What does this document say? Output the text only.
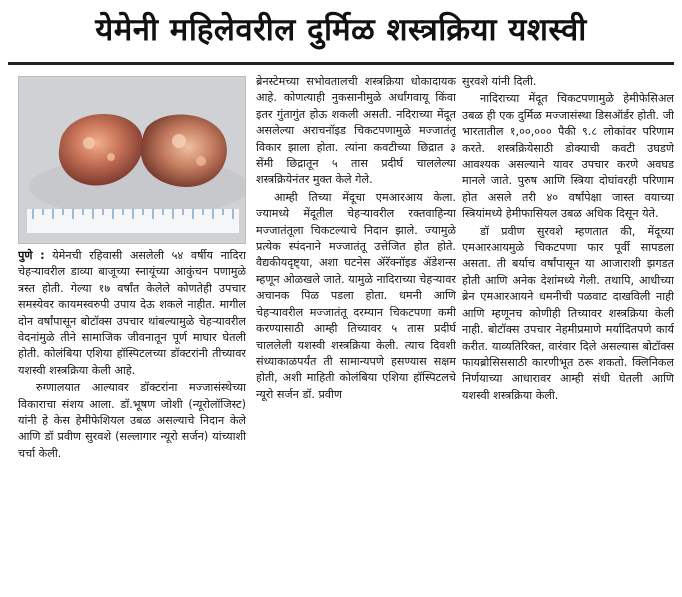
येमेनी महिलेवरील दुर्मिळ शस्त्रक्रिया यशस्वी

पुणे : येमेनची रहिवासी असलेली ५४ वर्षीय नादिरा चेहऱ्यावरील डाव्या बाजूच्या स्नायूंच्या आकुंचन पणामुळे त्रस्त होती. गेल्या १७ वर्षांत केलेले कोणतेही उपचार समस्येवर कायमस्वरुपी उपाय देऊ शकले नाहीत. मागील दोन वर्षांपासून बोटॉक्स उपचार थांबल्यामुळे चेहऱ्यावरील वेदनांमुळे तीने सामाजिक जीवनातून पूर्ण माघार घेतली होती. कोलंबिया एशिया हॉस्पिटलच्या डॉक्टरांनी तीच्यावर यशस्वी शस्त्रक्रिया केली आहे.

रुग्णालयात आल्यावर डॉक्टरांना मज्जासंस्थेच्या विकाराचा संशय आला. डॉ.भूषण जोशी (न्यूरोलॉजिस्ट) यांनी हे केस हेमीफेशियल उबळ असल्याचे निदान केले आणि डॉ प्रवीण सुरवशे (सल्लागार न्यूरो सर्जन) यांच्याशी चर्चा केली.

ब्रेनस्टेमच्या सभोवतालची शस्त्रक्रिया धोकादायक आहे. कोणत्याही नुकसानीमुळे अर्धांगवायू किंवा इतर गुंतागुंत होऊ शकली असती. नदिराच्या मेंदूत असलेल्या अराचनॉइड चिकटपणामुळे मज्जातंतू विकार झाला होता. त्यांना कवटीच्या छिद्रात ३ सेंमी छिद्रातून ५ तास प्रदीर्घ चाललेल्या शस्त्रक्रियेनंतर मुक्त केले गेले.

आम्ही तिच्या मेंदूचा एमआरआय केला. ज्यामध्ये मेंदूतील चेहऱ्यावरील रक्तवाहिन्या मज्जातंतूला चिकटल्याचे निदान झाले. ज्यामुळे प्रत्येक स्पंदनाने मज्जातंतू उत्तेजित होत होते. वैद्यकीयदृष्ट्या, अशा घटनेस ॲरॅक्नॉइड ॲडेशन्स म्हणून ओळखले जाते. यामुळे नादिराच्या चेहऱ्यावर अचानक पिळ पडला होता. धमनी आणि चेहऱ्यावरील मज्जातंतू दरम्यान चिकटपणा कमी करण्यासाठी आम्ही तिच्यावर ५ तास प्रदीर्घ चाललेली यशस्वी शस्त्रक्रिया केली. त्याच दिवशी संध्याकाळपर्यंत ती सामान्यपणे हसण्यास सक्षम होती, अशी माहिती कोलंबिया एशिया हॉस्पिटलचे न्यूरो सर्जन डॉ. प्रवीण

सुरवशे यांनी दिली.

नादिराच्या मेंदूत चिकटपणामुळे हेमीफेसिअल उबळ ही एक दुर्मिळ मज्जासंस्था डिसऑर्डर होती. जी भारतातील १,००,००० पैकी ९.८ लोकांवर परिणाम करते. शस्त्रक्रियेसाठी डोक्याची कवटी उघडणे आवश्यक असल्याने यावर उपचार करणे अवघड मानले जाते. पुरुष आणि स्त्रिया दोघांवरही परिणाम होत असले तरी ४० वर्षांपेक्षा जास्त वयाच्या स्त्रियांमध्ये हेमीफासियल उबळ अधिक दिसून येते.

डॉ प्रवीण सुरवशे म्हणतात की, मेंदूच्या एमआरआयमुळे चिकटपणा फार पूर्वी सापडला असता. ती बर्याच वर्षांपासून या आजाराशी झगडत होती आणि अनेक देशांमध्ये गेली. तथापि, आधीच्या ब्रेन एमआरआयने धमनीची पळवाट दाखविली नाही आणि म्हणूनच कोणीही तिच्यावर शस्त्रक्रिया केली नाही. बोटॉक्स उपचार नेहमीप्रमाणे मर्यादितपणे कार्य करीत. याव्यतिरिक्त, वारंवार दिले असल्यास बोटॉक्स फायब्रोसिससाठी कारणीभूत ठरू शकतो. क्लिनिकल निर्णयाच्या आधारावर आम्ही संधी घेतली आणि यशस्वी शस्त्रक्रिया केली.
